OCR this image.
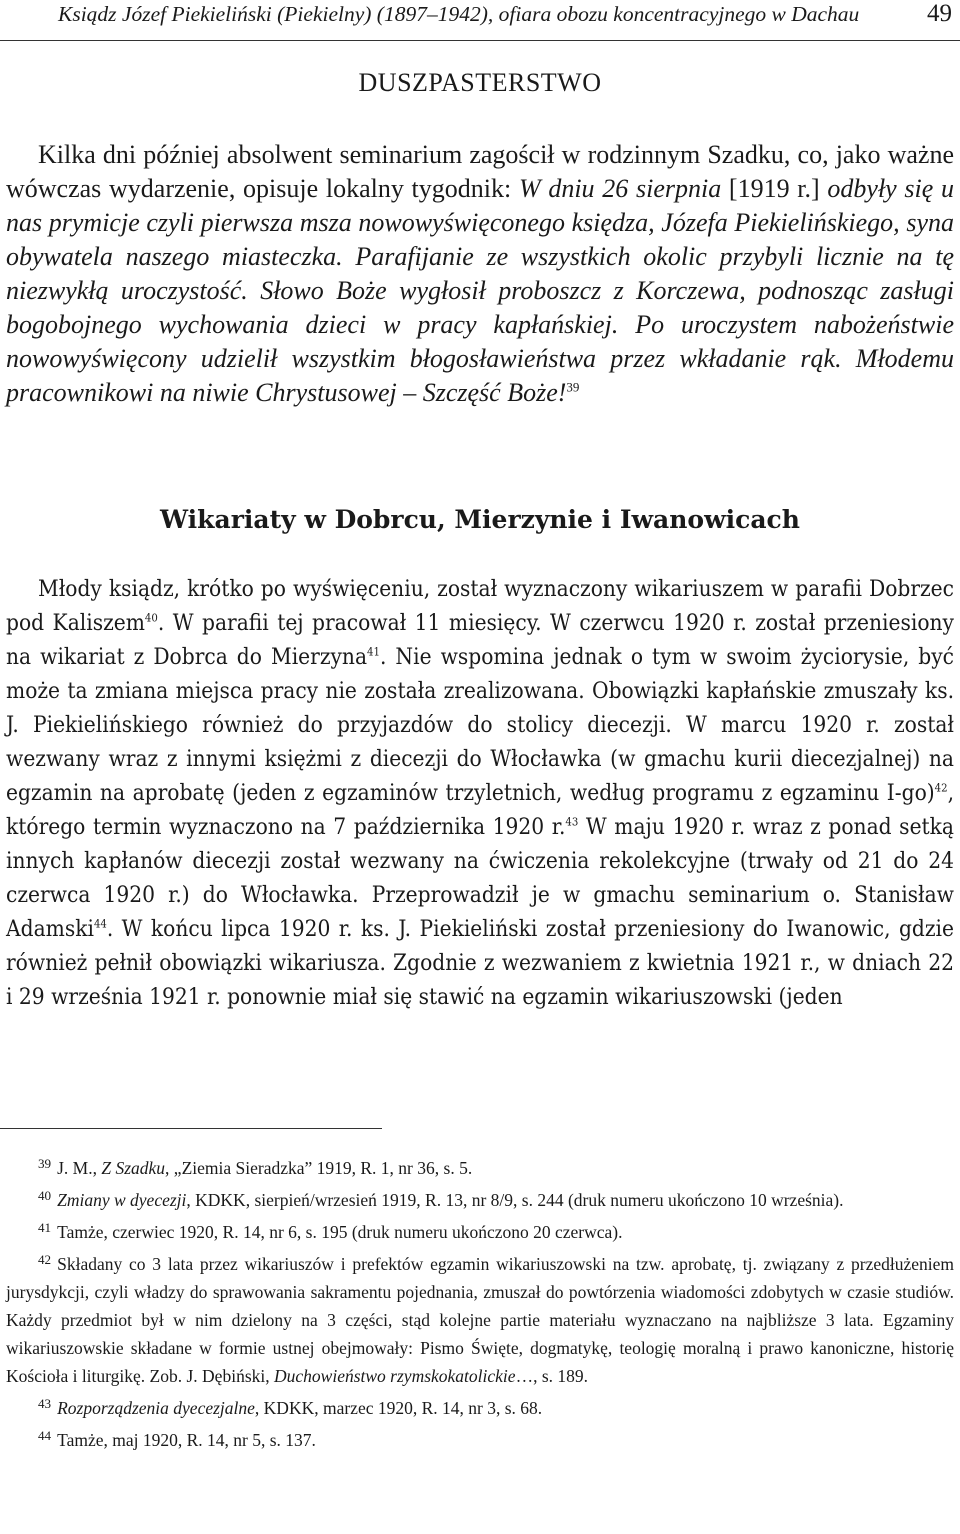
Ksiądz Józef Piekieliński (Piekielny) (1897–1942), ofiara obozu koncentracyjnego w Dachau	49
DUSZPASTERSTWO
Kilka dni później absolwent seminarium zagościł w rodzinnym Szadku, co, jako ważne wówczas wydarzenie, opisuje lokalny tygodnik: W dniu 26 sierpnia [1919 r.] odbyły się u nas prymicje czyli pierwsza msza nowowyświęconego księdza, Józefa Piekielińskiego, syna obywatela naszego miasteczka. Parafijanie ze wszystkich okolic przybyli licznie na tę niezwykłą uroczystość. Słowo Boże wygłosił proboszcz z Korczewa, podnosząc zasługi bogobojnego wychowania dzieci w pracy kapłańskiej. Po uroczystem nabożeństwie nowowyświęcony udzielił wszystkim błogosławieństwa przez wkładanie rąk. Młodemu pracownikowi na niwie Chrystusowej – Szczęść Boże!$^{39}$
Wikariaty w Dobrcu, Mierzynie i Iwanowicach
Młody ksiądz, krótko po wyświęceniu, został wyznaczony wikariuszem w parafii Dobrzec pod Kaliszem$^{40}$. W parafii tej pracował 11 miesięcy. W czerwcu 1920 r. został przeniesiony na wikariat z Dobrca do Mierzyna$^{41}$. Nie wspomina jednak o tym w swoim życiorysie, być może ta zmiana miejsca pracy nie została zrealizowana. Obowiązki kapłańskie zmuszały ks. J. Piekielińskiego również do przyjazdów do stolicy diecezji. W marcu 1920 r. został wezwany wraz z innymi księżmi z diecezji do Włocławka (w gmachu kurii diecezjalnej) na egzamin na aprobatę (jeden z egzaminów trzyletnich, według programu z egzaminu I-go)$^{42}$, którego termin wyznaczono na 7 października 1920 r.$^{43}$ W maju 1920 r. wraz z ponad setką innych kapłanów diecezji został wezwany na ćwiczenia rekolekcyjne (trwały od 21 do 24 czerwca 1920 r.) do Włocławka. Przeprowadził je w gmachu seminarium o. Stanisław Adamski$^{44}$. W końcu lipca 1920 r. ks. J. Piekieliński został przeniesiony do Iwanowic, gdzie również pełnił obowiązki wikariusza. Zgodnie z wezwaniem z kwietnia 1921 r., w dniach 22 i 29 września 1921 r. ponownie miał się stawić na egzamin wikariuszowski (jeden
$^{39}$ J. M., Z Szadku, „Ziemia Sieradzka” 1919, R. 1, nr 36, s. 5.
$^{40}$ Zmiany w dyecezji, KDKK, sierpień/wrzesień 1919, R. 13, nr 8/9, s. 244 (druk numeru ukończono 10 września).
$^{41}$ Tamże, czerwiec 1920, R. 14, nr 6, s. 195 (druk numeru ukończono 20 czerwca).
$^{42}$ Składany co 3 lata przez wikariuszów i prefektów egzamin wikariuszowski na tzw. aprobatę, tj. związany z przedłużeniem jurysdykcji, czyli władzy do sprawowania sakramentu pojednania, zmuszał do powtórzenia wiadomości zdobytych w czasie studiów. Każdy przedmiot był w nim dzielony na 3 części, stąd kolejne partie materiału wyznaczano na najbliższe 3 lata. Egzaminy wikariuszowskie składane w formie ustnej obejmowały: Pismo Święte, dogmatykę, teologię moralną i prawo kanoniczne, historię Kościoła i liturgikę. Zob. J. Dębiński, Duchowieństwo rzymskokatolickie…, s. 189.
$^{43}$ Rozporządzenia dyecezjalne, KDKK, marzec 1920, R. 14, nr 3, s. 68.
$^{44}$ Tamże, maj 1920, R. 14, nr 5, s. 137.
